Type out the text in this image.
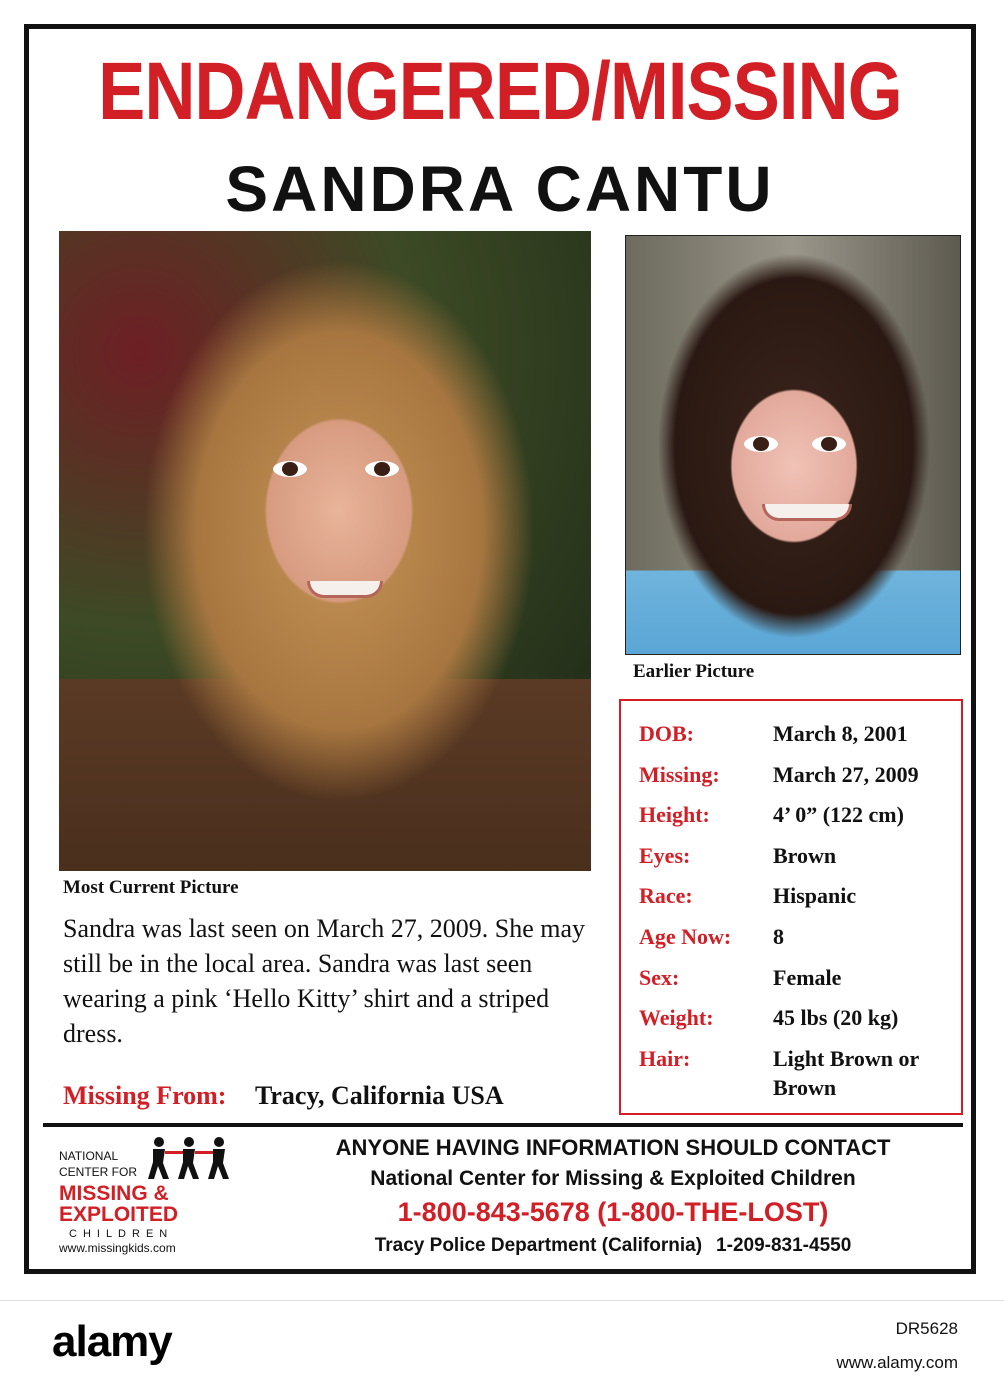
ENDANGERED/MISSING
SANDRA CANTU
Most Current Picture
Earlier Picture
Sandra was last seen on March 27, 2009. She may still be in the local area. Sandra was last seen wearing a pink ‘Hello Kitty’ shirt and a striped dress.
Missing From: Tracy, California USA
DOB:	March 8, 2001
Missing: March 27, 2009
Height:	4’ 0” (122 cm)
Eyes:	Brown
Race:	Hispanic
Age Now: 8
Sex:	Female
Weight:	45 lbs (20 kg)
Hair:	Light Brown or Brown
NATIONAL
CENTER FOR
MISSING &
EXPLOITED
CHILDREN
www.missingkids.com
ANYONE HAVING INFORMATION SHOULD CONTACT
National Center for Missing & Exploited Children
1-800-843-5678 (1-800-THE-LOST)
Tracy Police Department (California) 1-209-831-4550
alamy	DR5628
www.alamy.com
